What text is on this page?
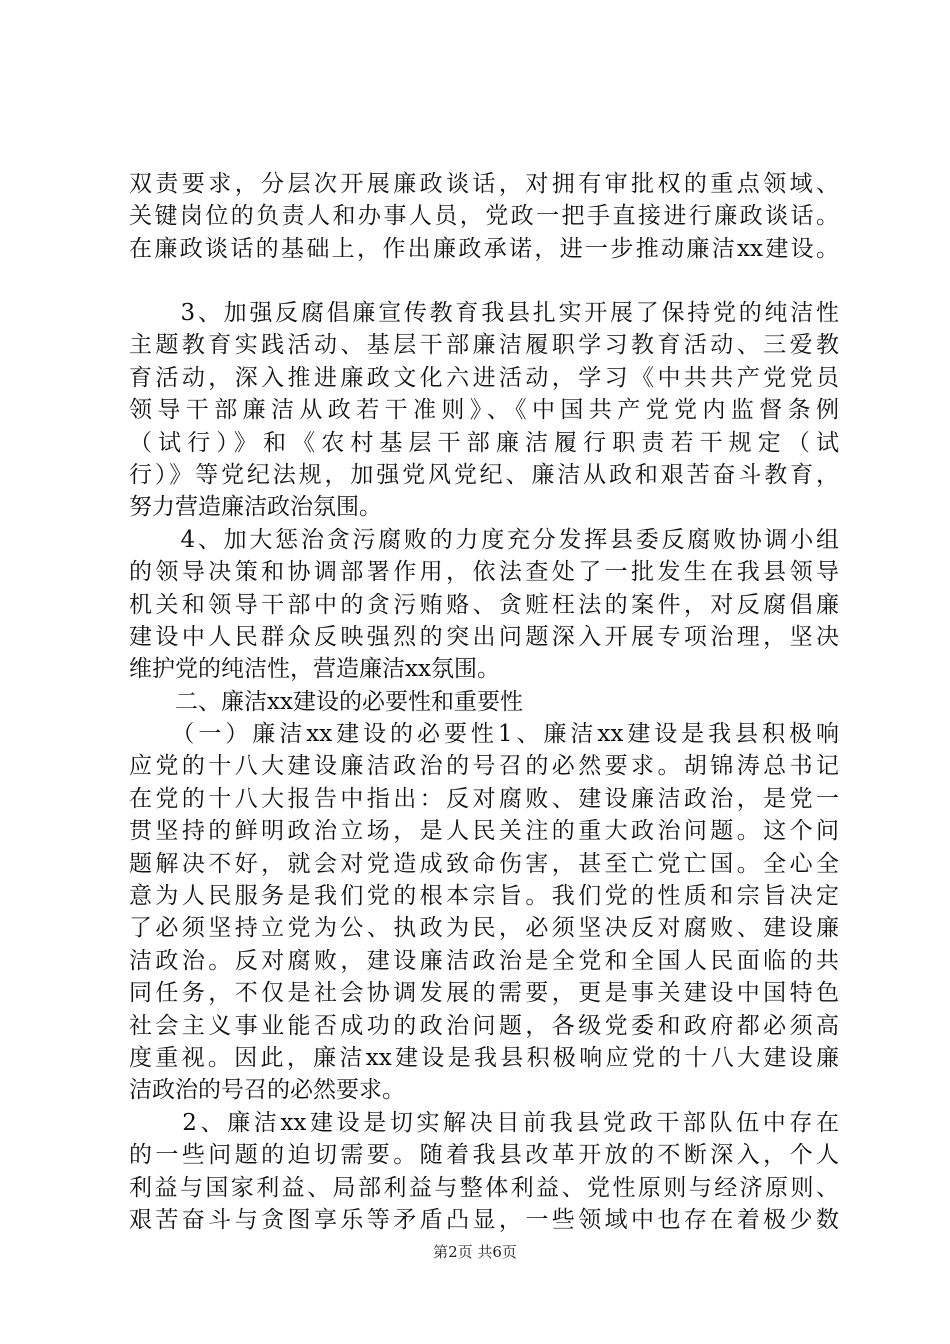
双责要求，分层次开展廉政谈话，对拥有审批权的重点领域、
关键岗位的负责人和办事人员，党政一把手直接进行廉政谈话。
在廉政谈话的基础上，作出廉政承诺，进一步推动廉洁xx建设。
　　3、加强反腐倡廉宣传教育我县扎实开展了保持党的纯洁性
主题教育实践活动、基层干部廉洁履职学习教育活动、三爱教
育活动，深入推进廉政文化六进活动，学习《中共共产党党员
领导干部廉洁从政若干准则》、《中国共产党党内监督条例
（试行）》和《农村基层干部廉洁履行职责若干规定（试
行）》等党纪法规，加强党风党纪、廉洁从政和艰苦奋斗教育，
努力营造廉洁政治氛围。
　　4、加大惩治贪污腐败的力度充分发挥县委反腐败协调小组
的领导决策和协调部署作用，依法查处了一批发生在我县领导
机关和领导干部中的贪污贿赂、贪赃枉法的案件，对反腐倡廉
建设中人民群众反映强烈的突出问题深入开展专项治理，坚决
维护党的纯洁性，营造廉洁xx氛围。
　　二、廉洁xx建设的必要性和重要性
　　（一）廉洁xx建设的必要性1、廉洁xx建设是我县积极响
应党的十八大建设廉洁政治的号召的必然要求。胡锦涛总书记
在党的十八大报告中指出：反对腐败、建设廉洁政治，是党一
贯坚持的鲜明政治立场，是人民关注的重大政治问题。这个问
题解决不好，就会对党造成致命伤害，甚至亡党亡国。全心全
意为人民服务是我们党的根本宗旨。我们党的性质和宗旨决定
了必须坚持立党为公、执政为民，必须坚决反对腐败、建设廉
洁政治。反对腐败，建设廉洁政治是全党和全国人民面临的共
同任务，不仅是社会协调发展的需要，更是事关建设中国特色
社会主义事业能否成功的政治问题，各级党委和政府都必须高
度重视。因此，廉洁xx建设是我县积极响应党的十八大建设廉
洁政治的号召的必然要求。
　　2、廉洁xx建设是切实解决目前我县党政干部队伍中存在
的一些问题的迫切需要。随着我县改革开放的不断深入，个人
利益与国家利益、局部利益与整体利益、党性原则与经济原则、
艰苦奋斗与贪图享乐等矛盾凸显，一些领域中也存在着极少数
第2页 共6页
